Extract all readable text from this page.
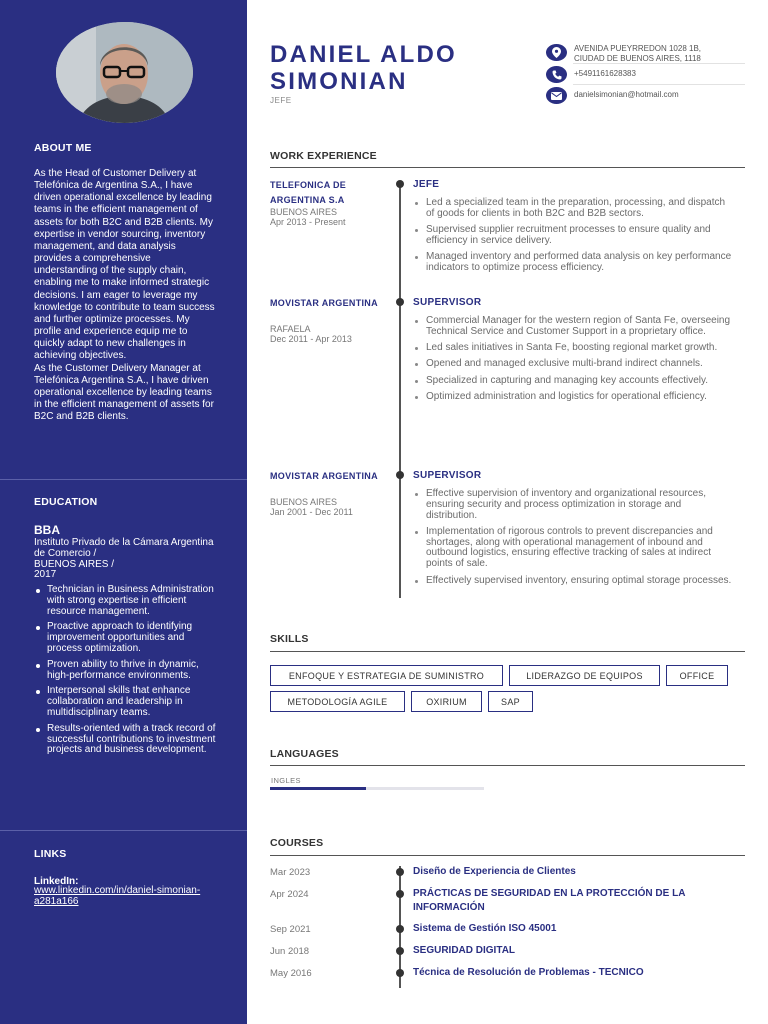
ABOUT ME

As the Head of Customer Delivery at Telefónica de Argentina S.A., I have driven operational excellence by leading teams in the efficient management of assets for both B2C and B2B clients. My expertise in vendor sourcing, inventory management, and data analysis provides a comprehensive understanding of the supply chain, enabling me to make informed strategic decisions. I am eager to leverage my knowledge to contribute to team success and further optimize processes. My profile and experience equip me to quickly adapt to new challenges in achieving objectives.

As the Customer Delivery Manager at Telefónica Argentina S.A., I have driven operational excellence by leading teams in the efficient management of assets for B2C and B2B clients.

EDUCATION
BBA
Instituto Privado de la Cámara Argentina de Comercio /
BUENOS AIRES /
2017
Technician in Business Administration with strong expertise in efficient resource management.
Proactive approach to identifying improvement opportunities and process optimization.
Proven ability to thrive in dynamic, high-performance environments.
Interpersonal skills that enhance collaboration and leadership in multidisciplinary teams.
Results-oriented with a track record of successful contributions to investment projects and business development.
LINKS
LinkedIn:
www.linkedin.com/in/daniel-simonian-a281a166
DANIEL ALDO
SIMONIAN
JEFE
AVENIDA PUEYRREDON 1028 1B,
CIUDAD DE BUENOS AIRES, 1118
+5491161628383
danielsimonian@hotmail.com
WORK EXPERIENCE
TELEFONICA DE ARGENTINA S.A
BUENOS AIRES
Apr 2013 - Present
JEFE
Led a specialized team in the preparation, processing, and dispatch of goods for clients in both B2C and B2B sectors.
Supervised supplier recruitment processes to ensure quality and efficiency in service delivery.
Managed inventory and performed data analysis on key performance indicators to optimize process efficiency.
MOVISTAR ARGENTINA
RAFAELA
Dec 2011 - Apr 2013
SUPERVISOR
Commercial Manager for the western region of Santa Fe, overseeing Technical Service and Customer Support in a proprietary office.
Led sales initiatives in Santa Fe, boosting regional market growth.
Opened and managed exclusive multi-brand indirect channels.
Specialized in capturing and managing key accounts effectively.
Optimized administration and logistics for operational efficiency.
MOVISTAR ARGENTINA
BUENOS AIRES
Jan 2001 - Dec 2011
SUPERVISOR
Effective supervision of inventory and organizational resources, ensuring security and process optimization in storage and distribution.
Implementation of rigorous controls to prevent discrepancies and shortages, along with operational management of inbound and outbound logistics, ensuring effective tracking of sales at indirect points of sale.
Effectively supervised inventory, ensuring optimal storage processes.
SKILLS
ENFOQUE Y ESTRATEGIA DE SUMINISTRO	LIDERAZGO DE EQUIPOS	OFFICE
METODOLOGÍA AGILE	OXIRIUM	SAP
LANGUAGES
INGLES
COURSES
Mar 2023	Diseño de Experiencia de Clientes
Apr 2024	PRÁCTICAS DE SEGURIDAD EN LA PROTECCIÓN DE LA INFORMACIÓN
Sep 2021	Sistema de Gestión ISO 45001
Jun 2018	SEGURIDAD DIGITAL
May 2016	Técnica de Resolución de Problemas - TECNICO
